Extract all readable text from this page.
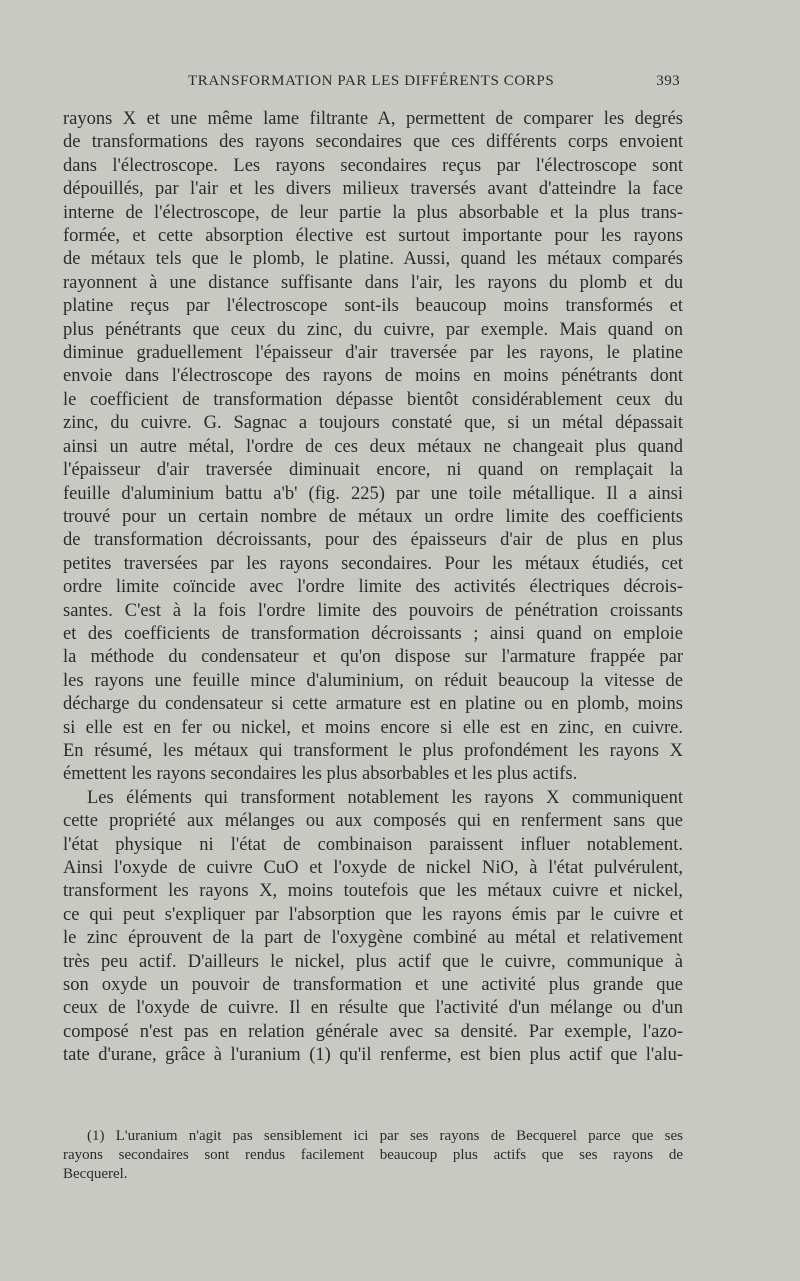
TRANSFORMATION PAR LES DIFFÉRENTS CORPS	393

rayons X et une même lame filtrante A, permettent de comparer les degrés
de transformations des rayons secondaires que ces différents corps envoient
dans l'électroscope. Les rayons secondaires reçus par l'électroscope sont
dépouillés, par l'air et les divers milieux traversés avant d'atteindre la face
interne de l'électroscope, de leur partie la plus absorbable et la plus trans-
formée, et cette absorption élective est surtout importante pour les rayons
de métaux tels que le plomb, le platine. Aussi, quand les métaux comparés
rayonnent à une distance suffisante dans l'air, les rayons du plomb et du
platine reçus par l'électroscope sont-ils beaucoup moins transformés et
plus pénétrants que ceux du zinc, du cuivre, par exemple. Mais quand on
diminue graduellement l'épaisseur d'air traversée par les rayons, le platine
envoie dans l'électroscope des rayons de moins en moins pénétrants dont
le coefficient de transformation dépasse bientôt considérablement ceux du
zinc, du cuivre. G. Sagnac a toujours constaté que, si un métal dépassait
ainsi un autre métal, l'ordre de ces deux métaux ne changeait plus quand
l'épaisseur d'air traversée diminuait encore, ni quand on remplaçait la
feuille d'aluminium battu a'b' (fig. 225) par une toile métallique. Il a ainsi
trouvé pour un certain nombre de métaux un ordre limite des coefficients
de transformation décroissants, pour des épaisseurs d'air de plus en plus
petites traversées par les rayons secondaires. Pour les métaux étudiés, cet
ordre limite coïncide avec l'ordre limite des activités électriques décrois-
santes. C'est à la fois l'ordre limite des pouvoirs de pénétration croissants
et des coefficients de transformation décroissants ; ainsi quand on emploie
la méthode du condensateur et qu'on dispose sur l'armature frappée par
les rayons une feuille mince d'aluminium, on réduit beaucoup la vitesse de
décharge du condensateur si cette armature est en platine ou en plomb, moins
si elle est en fer ou nickel, et moins encore si elle est en zinc, en cuivre.
En résumé, les métaux qui transforment le plus profondément les rayons X
émettent les rayons secondaires les plus absorbables et les plus actifs.

Les éléments qui transforment notablement les rayons X communiquent
cette propriété aux mélanges ou aux composés qui en renferment sans que
l'état physique ni l'état de combinaison paraissent influer notablement.
Ainsi l'oxyde de cuivre CuO et l'oxyde de nickel NiO, à l'état pulvérulent,
transforment les rayons X, moins toutefois que les métaux cuivre et nickel,
ce qui peut s'expliquer par l'absorption que les rayons émis par le cuivre et
le zinc éprouvent de la part de l'oxygène combiné au métal et relativement
très peu actif. D'ailleurs le nickel, plus actif que le cuivre, communique à
son oxyde un pouvoir de transformation et une activité plus grande que
ceux de l'oxyde de cuivre. Il en résulte que l'activité d'un mélange ou d'un
composé n'est pas en relation générale avec sa densité. Par exemple, l'azo-
tate d'urane, grâce à l'uranium (1) qu'il renferme, est bien plus actif que l'alu-

(1) L'uranium n'agit pas sensiblement ici par ses rayons de Becquerel parce que ses
rayons secondaires sont rendus facilement beaucoup plus actifs que ses rayons de
Becquerel.
